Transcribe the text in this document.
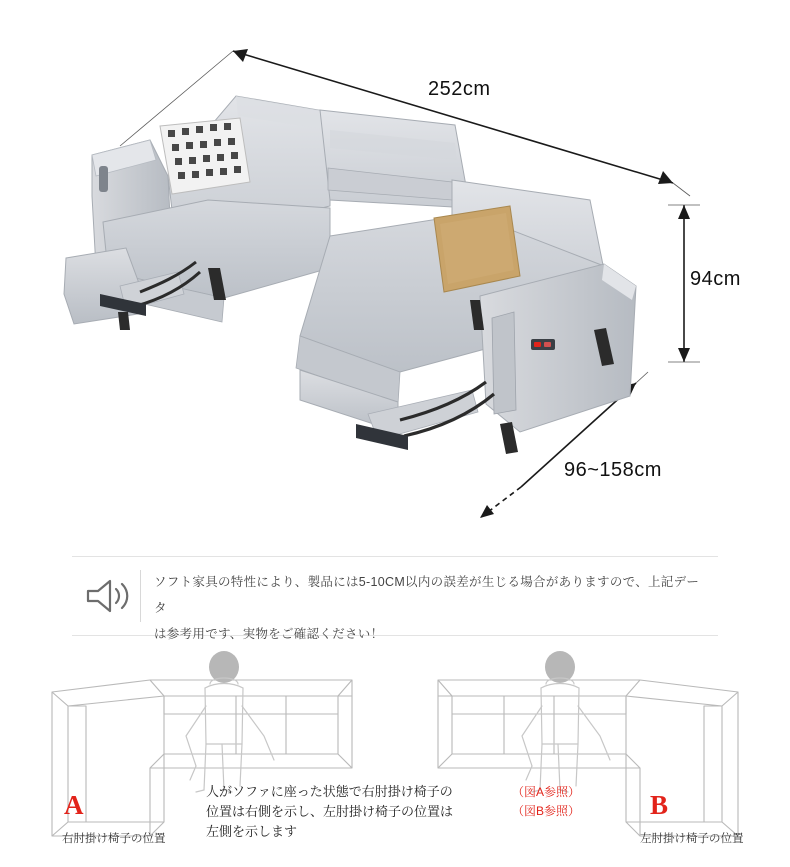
252cm
94cm
96~158cm
ソフト家具の特性により、製品には5-10CM以内の誤差が生じる場合がありますので、上記データ
は参考用です、実物をご確認ください！
A
右肘掛け椅子の位置
B
左肘掛け椅子の位置
人がソファに座った状態で右肘掛け椅子の
位置は右側を示し、左肘掛け椅子の位置は
左側を示します
（図A参照）
（図B参照）
